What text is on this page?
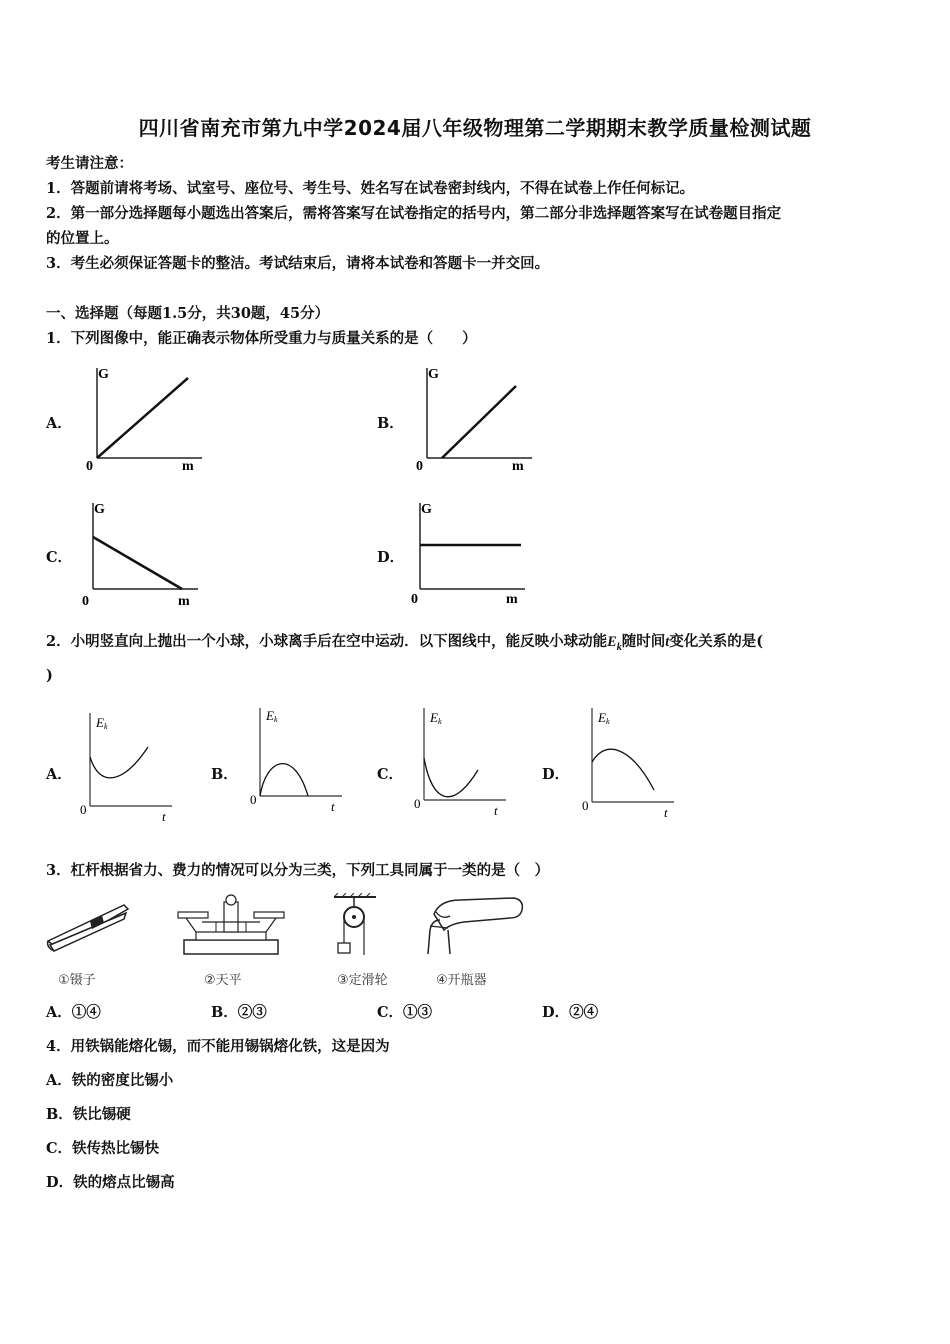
四川省南充市第九中学2024届八年级物理第二学期期末教学质量检测试题
考生请注意：
1．答题前请将考场、试室号、座位号、考生号、姓名写在试卷密封线内，不得在试卷上作任何标记。
2．第一部分选择题每小题选出答案后，需将答案写在试卷指定的括号内，第二部分非选择题答案写在试卷题目指定
的位置上。
3．考生必须保证答题卡的整洁。考试结束后，请将本试卷和答题卡一并交回。
一、选择题（每题1.5分，共30题，45分）
1．下列图像中，能正确表示物体所受重力与质量关系的是（　　）
A．
G
0	m
B．
G
0	m
C．
G
0	m
D．
G
0	m
2．小明竖直向上抛出一个小球，小球离手后在空中运动．以下图线中，能反映小球动能$E_k$随时间t变化关系的是(
)
A．
Ek
0	t
B．
Ek
0	t
C．
Ek
0	t
D．
Ek
0	t
3．杠杆根据省力、费力的情况可以分为三类，下列工具同属于一类的是（　）
①镊子	②天平	③定滑轮	④开瓶器
A．①④	B．②③	C．①③	D．②④
4．用铁锅能熔化锡，而不能用锡锅熔化铁，这是因为
A．铁的密度比锡小
B．铁比锡硬
C．铁传热比锡快
D．铁的熔点比锡高
